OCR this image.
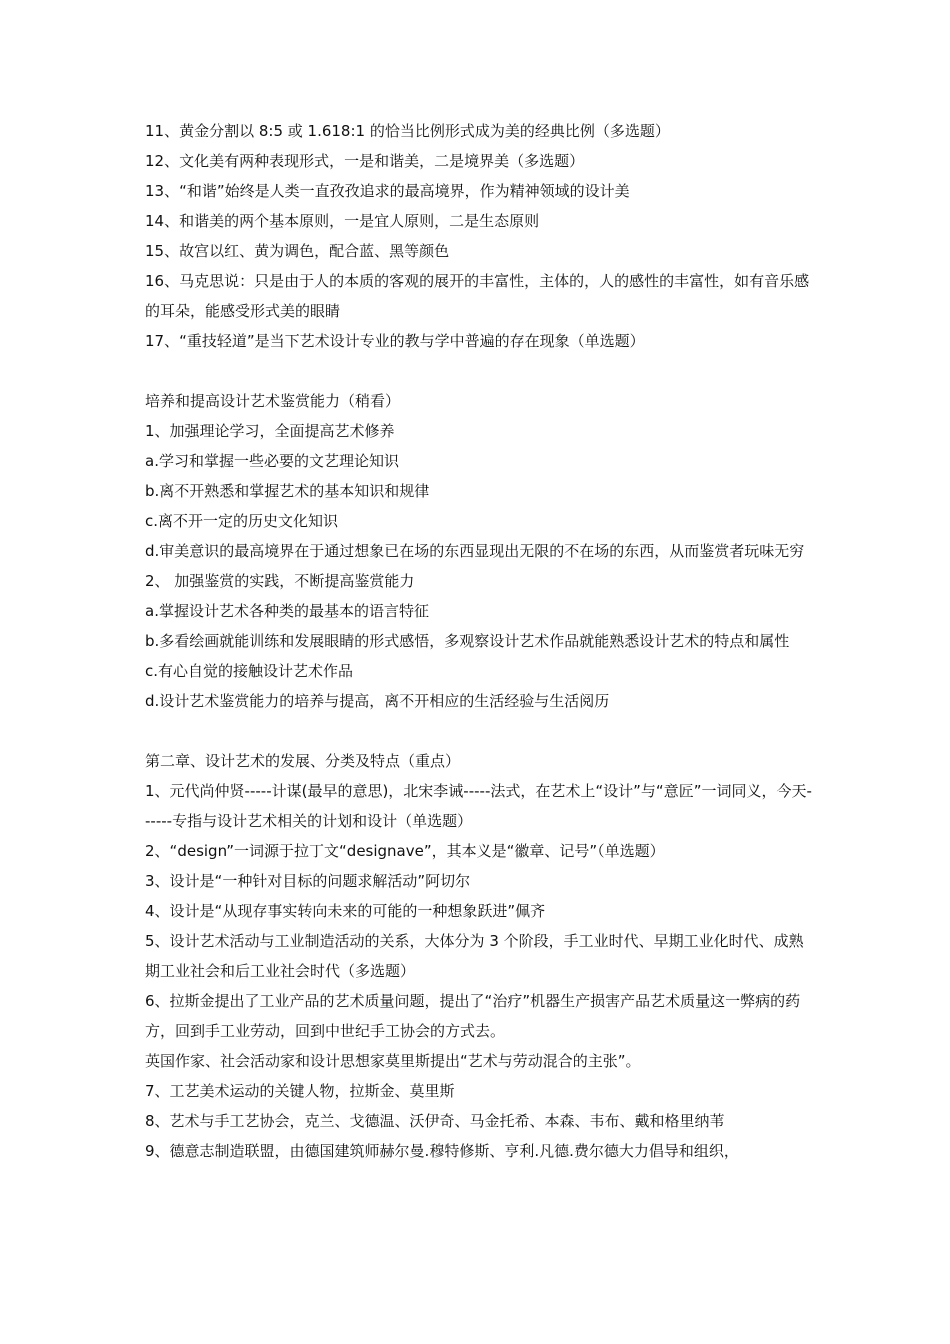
11、黄金分割以 8:5 或 1.618:1 的恰当比例形式成为美的经典比例（多选题）
12、文化美有两种表现形式，一是和谐美，二是境界美（多选题）
13、“和谐”始终是人类一直孜孜追求的最高境界，作为精神领域的设计美
14、和谐美的两个基本原则，一是宜人原则，二是生态原则
15、故宫以红、黄为调色，配合蓝、黑等颜色
16、马克思说：只是由于人的本质的客观的展开的丰富性，主体的，人的感性的丰富性，如有音乐感的耳朵，能感受形式美的眼睛
17、“重技轻道”是当下艺术设计专业的教与学中普遍的存在现象（单选题）
培养和提高设计艺术鉴赏能力（稍看）
1、加强理论学习，全面提高艺术修养
a.学习和掌握一些必要的文艺理论知识
b.离不开熟悉和掌握艺术的基本知识和规律
c.离不开一定的历史文化知识
d.审美意识的最高境界在于通过想象已在场的东西显现出无限的不在场的东西，从而鉴赏者玩味无穷
2、 加强鉴赏的实践，不断提高鉴赏能力
a.掌握设计艺术各种类的最基本的语言特征
b.多看绘画就能训练和发展眼睛的形式感悟，多观察设计艺术作品就能熟悉设计艺术的特点和属性
c.有心自觉的接触设计艺术作品
d.设计艺术鉴赏能力的培养与提高，离不开相应的生活经验与生活阅历
第二章、设计艺术的发展、分类及特点（重点）
1、元代尚仲贤-----计谋(最早的意思)，北宋李诫-----法式，在艺术上“设计”与“意匠”一词同义，今天------专指与设计艺术相关的计划和设计（单选题）
2、“design”一词源于拉丁文“designave”，其本义是“徽章、记号”（单选题）
3、设计是“一种针对目标的问题求解活动”阿切尔
4、设计是“从现存事实转向未来的可能的一种想象跃进”佩齐
5、设计艺术活动与工业制造活动的关系，大体分为 3 个阶段，手工业时代、早期工业化时代、成熟期工业社会和后工业社会时代（多选题）
6、拉斯金提出了工业产品的艺术质量问题，提出了“治疗”机器生产损害产品艺术质量这一弊病的药方，回到手工业劳动，回到中世纪手工协会的方式去。
英国作家、社会活动家和设计思想家莫里斯提出“艺术与劳动混合的主张”。
7、工艺美术运动的关键人物，拉斯金、莫里斯
8、艺术与手工艺协会，克兰、戈德温、沃伊奇、马金托希、本森、韦布、戴和格里纳苇
9、德意志制造联盟，由德国建筑师赫尔曼.穆特修斯、亨利.凡德.费尔德大力倡导和组织，
